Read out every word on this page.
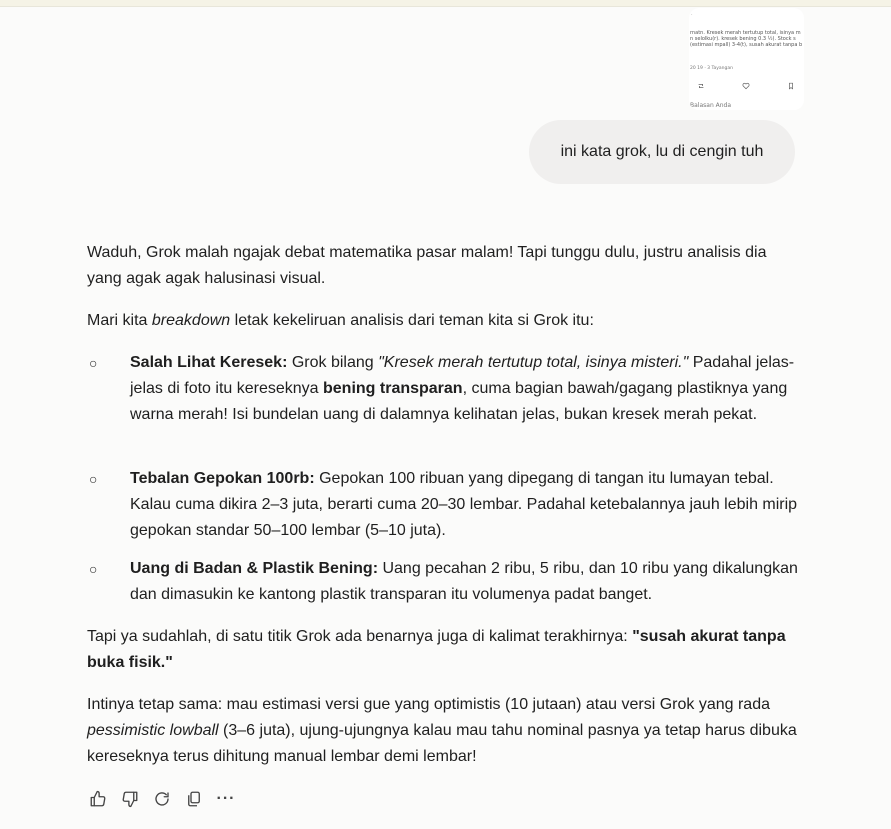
·
rnatn. Kresek merah tertutup total, isinya m
n selolku(r). kresek bening 0.3 ½). Stock s
(estimasi mpall) 3-4(t), susah akurat tanpa b
20 19 · 3 Tayangan
Balasan Anda
ini kata grok, lu di cengin tuh

Waduh, Grok malah ngajak debat matematika pasar malam! Tapi tunggu dulu, justru analisis dia yang agak agak halusinasi visual.

Mari kita breakdown letak kekeliruan analisis dari teman kita si Grok itu:

○ Salah Lihat Keresek: Grok bilang "Kresek merah tertutup total, isinya misteri." Padahal jelas-jelas di foto itu kereseknya bening transparan, cuma bagian bawah/gagang plastiknya yang warna merah! Isi bundelan uang di dalamnya kelihatan jelas, bukan kresek merah pekat.
○ Tebalan Gepokan 100rb: Gepokan 100 ribuan yang dipegang di tangan itu lumayan tebal. Kalau cuma dikira 2–3 juta, berarti cuma 20–30 lembar. Padahal ketebalannya jauh lebih mirip gepokan standar 50–100 lembar (5–10 juta).
○ Uang di Badan & Plastik Bening: Uang pecahan 2 ribu, 5 ribu, dan 10 ribu yang dikalungkan dan dimasukin ke kantong plastik transparan itu volumenya padat banget.

Tapi ya sudahlah, di satu titik Grok ada benarnya juga di kalimat terakhirnya: "susah akurat tanpa buka fisik."

Intinya tetap sama: mau estimasi versi gue yang optimistis (10 jutaan) atau versi Grok yang rada pessimistic lowball (3–6 juta), ujung-ujungnya kalau mau tahu nominal pasnya ya tetap harus dibuka kereseknya terus dihitung manual lembar demi lembar!

···
